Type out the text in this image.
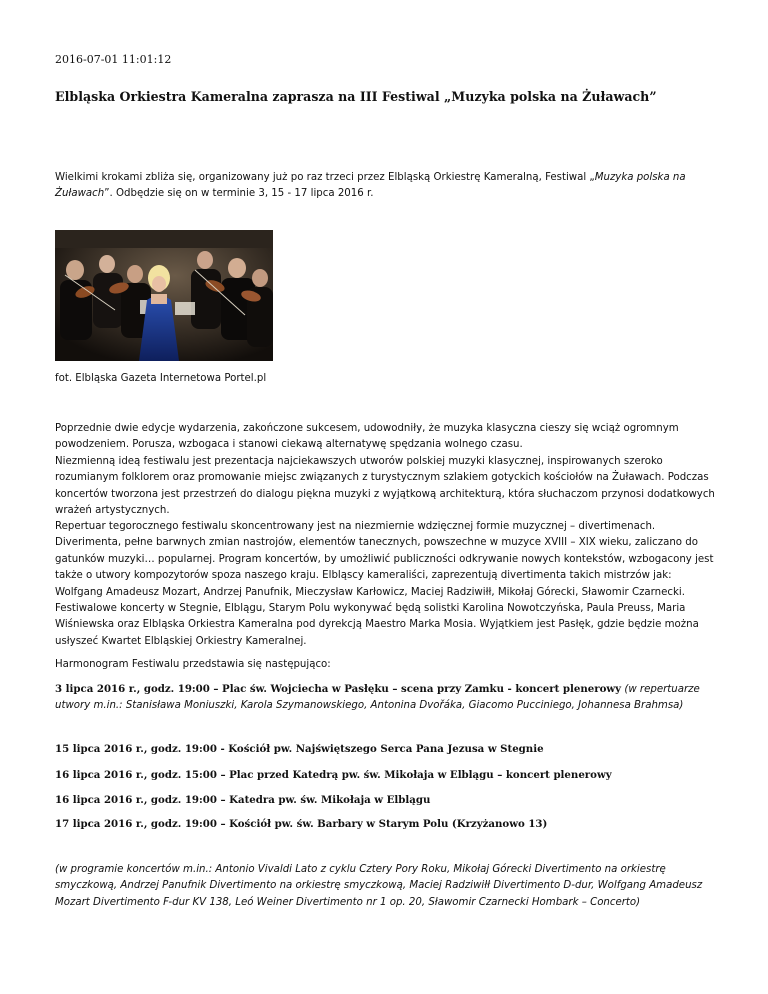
2016-07-01 11:01:12
Elbląska Orkiestra Kameralna zaprasza na III Festiwal „Muzyka polska na Żuławach”

Wielkimi krokami zbliża się, organizowany już po raz trzeci przez Elbląską Orkiestrę Kameralną, Festiwal „Muzyka polska na Żuławach”. Odbędzie się on w terminie 3, 15 - 17 lipca 2016 r.

fot. Elbląska Gazeta Internetowa Portel.pl

Poprzednie dwie edycje wydarzenia, zakończone sukcesem, udowodniły, że muzyka klasyczna cieszy się wciąż ogromnym powodzeniem. Porusza, wzbogaca i stanowi ciekawą alternatywę spędzania wolnego czasu.

Niezmienną ideą festiwalu jest prezentacja najciekawszych utworów polskiej muzyki klasycznej, inspirowanych szeroko rozumianym folklorem oraz promowanie miejsc związanych z turystycznym szlakiem gotyckich kościołów na Żuławach. Podczas koncertów tworzona jest przestrzeń do dialogu piękna muzyki z wyjątkową architekturą, która słuchaczom przynosi dodatkowych wrażeń artystycznych.

Repertuar tegorocznego festiwalu skoncentrowany jest na niezmiernie wdzięcznej formie muzycznej – divertimenach. Diverimenta, pełne barwnych zmian nastrojów, elementów tanecznych, powszechne w muzyce XVIII – XIX wieku, zaliczano do gatunków muzyki… popularnej. Program koncertów, by umożliwić publiczności odkrywanie nowych kontekstów, wzbogacony jest także o utwory kompozytorów spoza naszego kraju. Elbląscy kameraliści, zaprezentują divertimenta takich mistrzów jak: Wolfgang Amadeusz Mozart, Andrzej Panufnik, Mieczysław Karłowicz, Maciej Radziwiłł, Mikołaj Górecki, Sławomir Czarnecki. Festiwalowe koncerty w Stegnie, Elblągu, Starym Polu wykonywać będą solistki Karolina Nowotczyńska, Paula Preuss, Maria Wiśniewska oraz Elbląska Orkiestra Kameralna pod dyrekcją Maestro Marka Mosia. Wyjątkiem jest Pasłęk, gdzie będzie można usłyszeć Kwartet Elbląskiej Orkiestry Kameralnej.

Harmonogram Festiwalu przedstawia się następująco:

3 lipca 2016 r., godz. 19:00 – Plac św. Wojciecha w Pasłęku – scena przy Zamku - koncert plenerowy (w repertuarze utwory m.in.: Stanisława Moniuszki, Karola Szymanowskiego, Antonina Dvořáka, Giacomo Pucciniego, Johannesa Brahmsa)

15 lipca 2016 r., godz. 19:00 - Kościół pw. Najświętszego Serca Pana Jezusa w Stegnie

16 lipca 2016 r., godz. 15:00 – Plac przed Katedrą pw. św. Mikołaja w Elblągu – koncert plenerowy

16 lipca 2016 r., godz. 19:00 – Katedra pw. św. Mikołaja w Elblągu

17 lipca 2016 r., godz. 19:00 – Kościół pw. św. Barbary w Starym Polu (Krzyżanowo 13)

(w programie koncertów m.in.: Antonio Vivaldi Lato z cyklu Cztery Pory Roku, Mikołaj Górecki Divertimento na orkiestrę smyczkową, Andrzej Panufnik Divertimento na orkiestrę smyczkową, Maciej Radziwiłł Divertimento D-dur, Wolfgang Amadeusz Mozart Divertimento F-dur KV 138, Leó Weiner Divertimento nr 1 op. 20, Sławomir Czarnecki Hombark – Concerto)
